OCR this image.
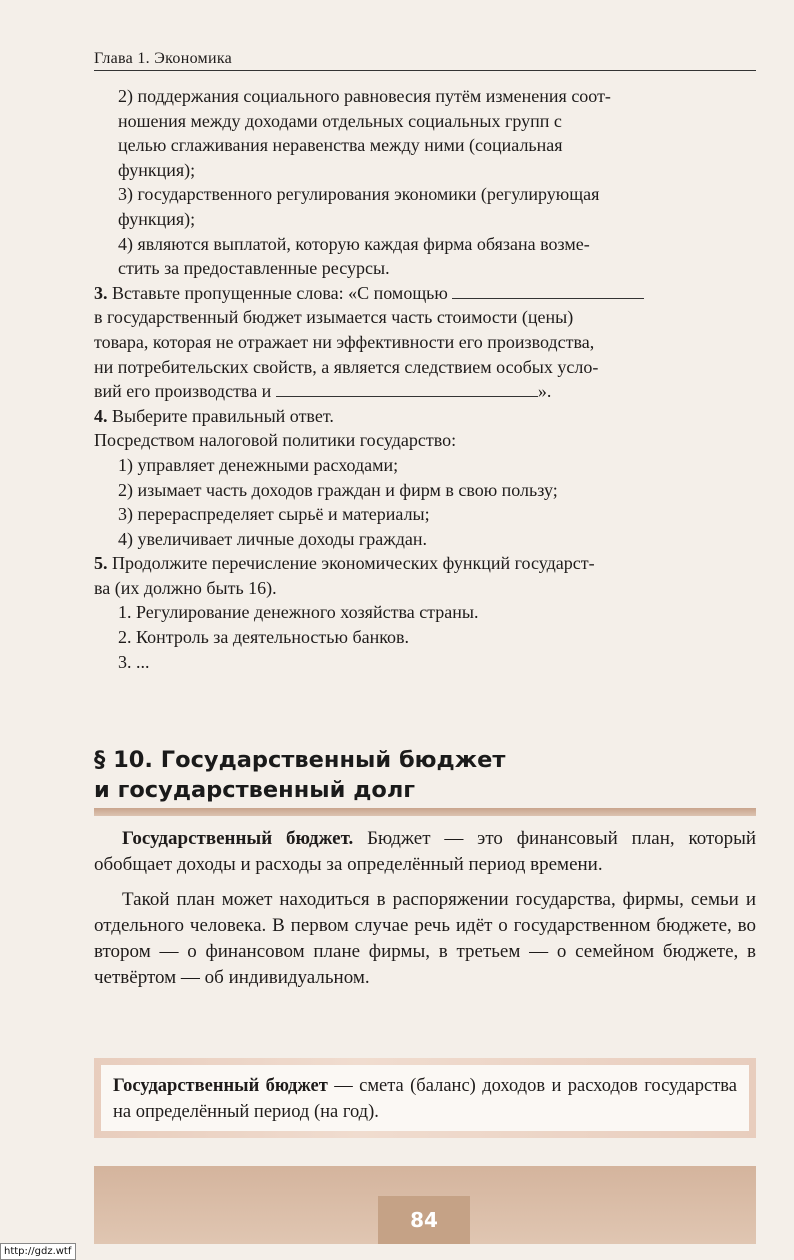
Глава 1. Экономика
2) поддержания социального равновесия путём изменения соот-
ношения между доходами отдельных социальных групп с
целью сглаживания неравенства между ними (социальная
функция);
3) государственного регулирования экономики (регулирующая
функция);
4) являются выплатой, которую каждая фирма обязана возме-
стить за предоставленные ресурсы.
3. Вставьте пропущенные слова: «С помощью
в государственный бюджет изымается часть стоимости (цены)
товара, которая не отражает ни эффективности его производства,
ни потребительских свойств, а является следствием особых усло-
вий его производства и	».
4. Выберите правильный ответ.
Посредством налоговой политики государство:
1) управляет денежными расходами;
2) изымает часть доходов граждан и фирм в свою пользу;
3) перераспределяет сырьё и материалы;
4) увеличивает личные доходы граждан.
5. Продолжите перечисление экономических функций государст-
ва (их должно быть 16).
1. Регулирование денежного хозяйства страны.
2. Контроль за деятельностью банков.
3. ...
§ 10. Государственный бюджет
и государственный долг

Государственный бюджет. Бюджет — это финансовый план, который обобщает доходы и расходы за определённый период времени.

Такой план может находиться в распоряжении государства, фирмы, семьи и отдельного человека. В первом случае речь идёт о государственном бюджете, во втором — о финансовом плане фирмы, в третьем — о семейном бюджете, в четвёртом — об индивидуальном.

Государственный бюджет — смета (баланс) доходов и расходов государства на определённый период (на год).
84
http://gdz.wtf
